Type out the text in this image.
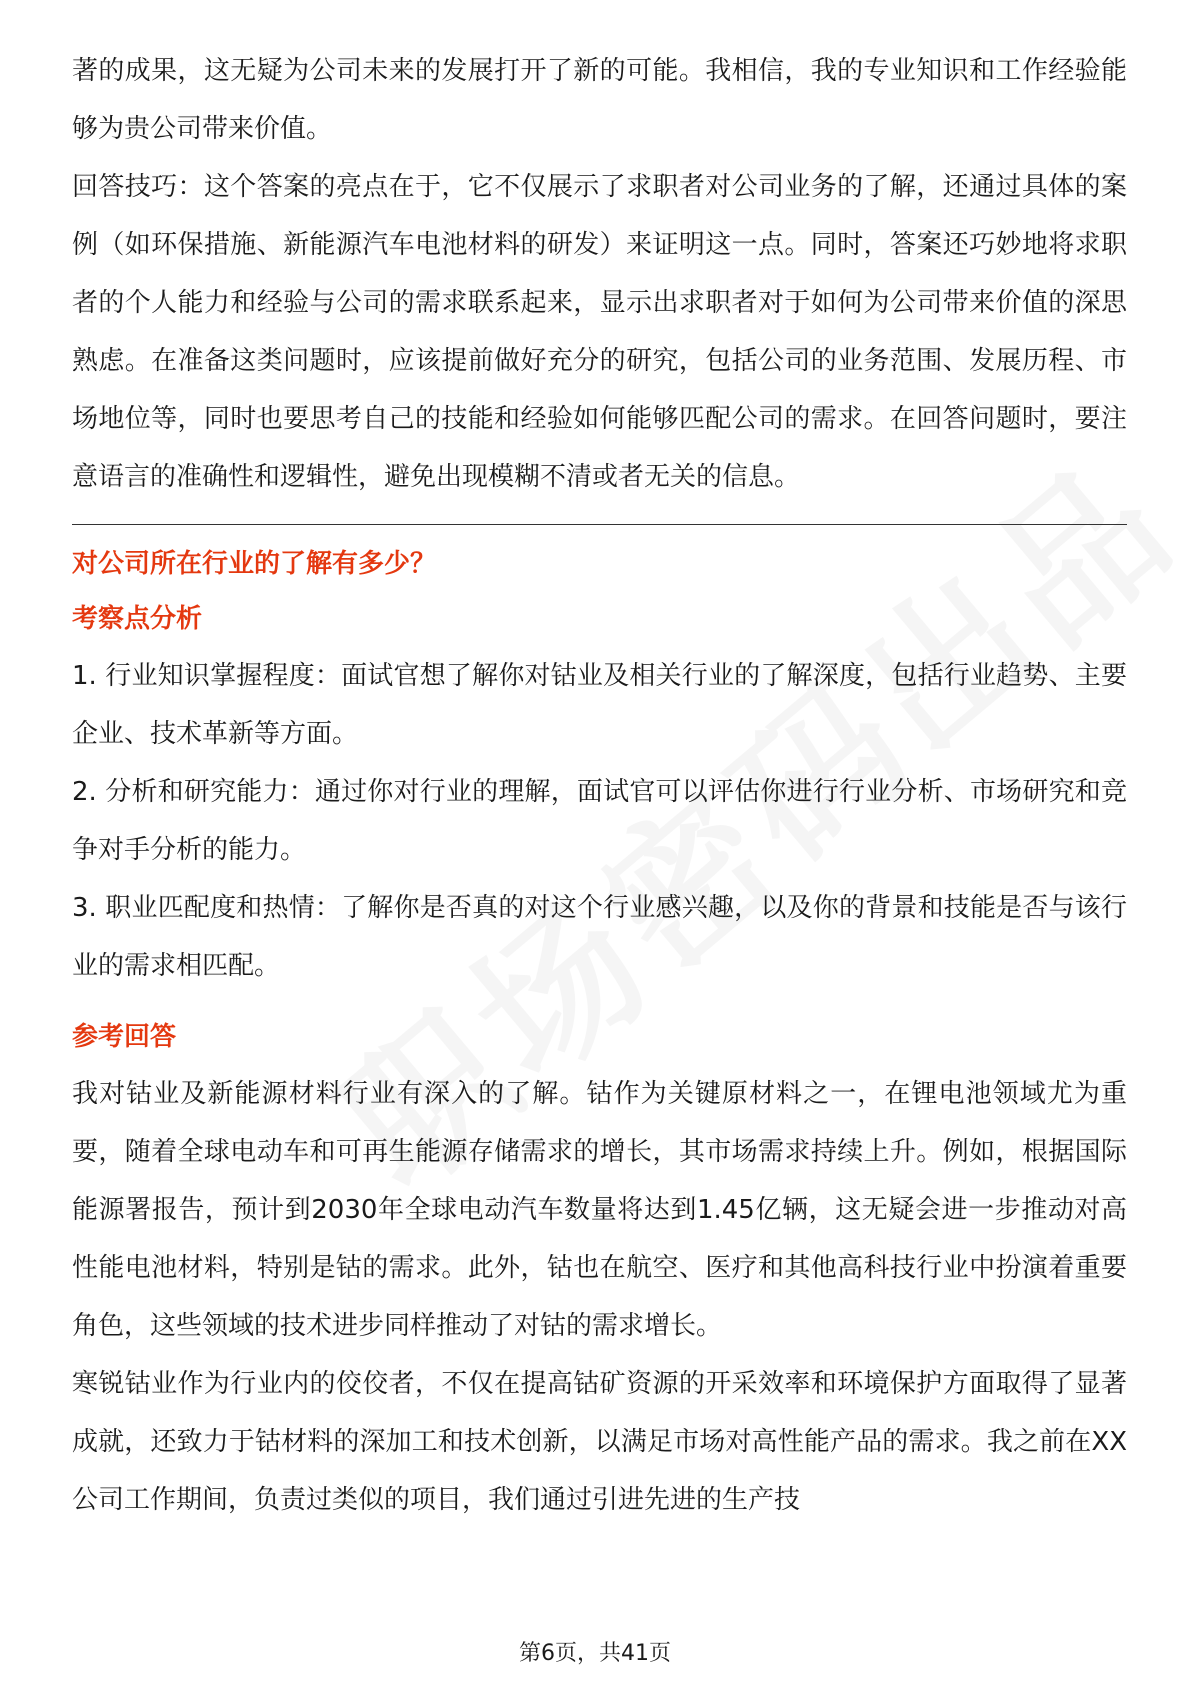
著的成果，这无疑为公司未来的发展打开了新的可能。我相信，我的专业知识和工作经验能够为贵公司带来价值。

回答技巧：这个答案的亮点在于，它不仅展示了求职者对公司业务的了解，还通过具体的案例（如环保措施、新能源汽车电池材料的研发）来证明这一点。同时，答案还巧妙地将求职者的个人能力和经验与公司的需求联系起来，显示出求职者对于如何为公司带来价值的深思熟虑。在准备这类问题时，应该提前做好充分的研究，包括公司的业务范围、发展历程、市场地位等，同时也要思考自己的技能和经验如何能够匹配公司的需求。在回答问题时，要注意语言的准确性和逻辑性，避免出现模糊不清或者无关的信息。

对公司所在行业的了解有多少？

考察点分析

1. 行业知识掌握程度：面试官想了解你对钴业及相关行业的了解深度，包括行业趋势、主要企业、技术革新等方面。

2. 分析和研究能力：通过你对行业的理解，面试官可以评估你进行行业分析、市场研究和竞争对手分析的能力。

3. 职业匹配度和热情：了解你是否真的对这个行业感兴趣，以及你的背景和技能是否与该行业的需求相匹配。

参考回答

我对钴业及新能源材料行业有深入的了解。钴作为关键原材料之一，在锂电池领域尤为重要，随着全球电动车和可再生能源存储需求的增长，其市场需求持续上升。例如，根据国际能源署报告，预计到2030年全球电动汽车数量将达到1.45亿辆，这无疑会进一步推动对高性能电池材料，特别是钴的需求。此外，钴也在航空、医疗和其他高科技行业中扮演着重要角色，这些领域的技术进步同样推动了对钴的需求增长。

寒锐钴业作为行业内的佼佼者，不仅在提高钴矿资源的开采效率和环境保护方面取得了显著成就，还致力于钴材料的深加工和技术创新，以满足市场对高性能产品的需求。我之前在XX公司工作期间，负责过类似的项目，我们通过引进先进的生产技

第6页，共41页
